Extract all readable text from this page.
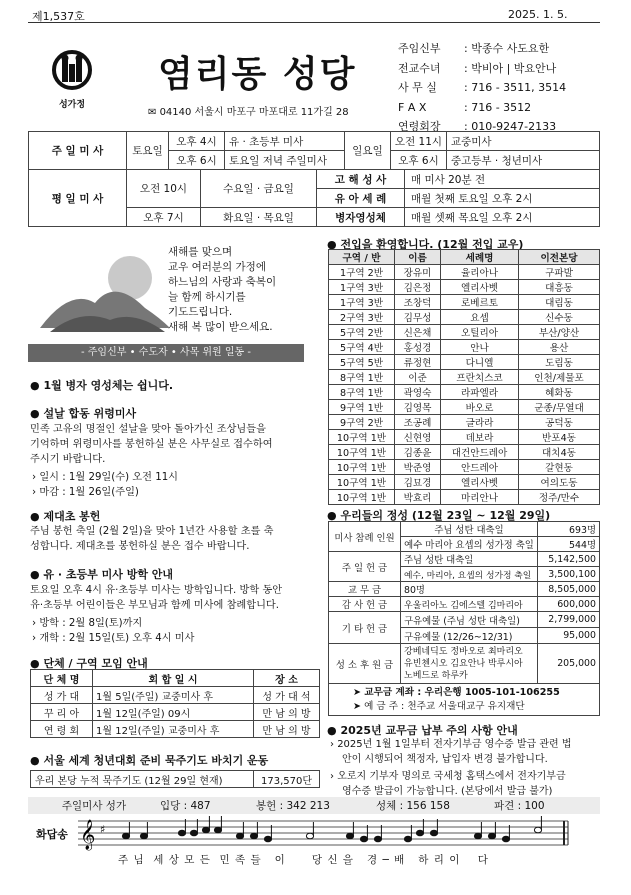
제1,537호	2025. 1. 5.
성가정
염리동 성당
✉ 04140 서울시 마포구 마포대로 11가길 28
주임신부 : 박종수 사도요한
전교수녀 : 박비아 | 박요안나
사 무 실 : 716 - 3511, 3514
F A X	: 716 - 3512
연령회장 : 010-9247-2133
주 일 미 사	토요일	오후 4시	유 · 초등부 미사	일요일	오전 11시	교중미사
		오후 6시	토요일 저녁 주일미사		오후 6시	중고등부 · 청년미사
평 일 미 사	오전 10시	수요일 · 금요일	고 해 성 사	매 미사 20분 전
			유 아 세 례	매월 첫째 토요일 오후 2시
	오후 7시	화요일 · 목요일	병자영성체	매월 셋째 목요일 오후 2시
새해를 맞으며
교우 여러분의 가정에
하느님의 사랑과 축복이
늘 함께 하시기를
기도드립니다.
새해 복 많이 받으세요.
- 주임신부 • 수도자 • 사목 위원 일동 -
● 1월 병자 영성체는 쉽니다.
● 설날 합동 위령미사

민족 고유의 명절인 설날을 맞아 돌아가신 조상님들을
기억하며 위령미사를 봉헌하실 분은 사무실로 접수하여
주시기 바랍니다.

› 일시 : 1월 29일(수) 오전 11시
› 마감 : 1월 26일(주일)
● 제대초 봉헌

주님 봉헌 축일 (2월 2일)을 맞아 1년간 사용할 초를 축
성합니다. 제대초를 봉헌하실 분은 접수 바랍니다.

● 유 · 초등부 미사 방학 안내

토요일 오후 4시 유·초등부 미사는 방학입니다. 방학 동안
유·초등부 어린이들은 부모님과 함께 미사에 참례합니다.

› 방학 : 2월 8일(토)까지
› 개학 : 2월 15일(토) 오후 4시 미사
● 단체 / 구역 모임 안내
단 체 명	회 합 일 시	장 소
성 가 대	1월 5일(주일) 교중미사 후	성 가 대 석
꾸 리 아	1월 12일(주일) 09시	만 남 의 방
연 령 회	1월 12일(주일) 교중미사 후	만 남 의 방
● 서울 세계 청년대회 준비 묵주기도 바치기 운동
우리 본당 누적 묵주기도 (12월 29일 현재)	173,570단
● 전입을 환영합니다. (12월 전입 교우)
구역 / 반	이름	세례명	이전본당
1구역 2반	장유미	율리아나	구파발
1구역 3반	김은정	엘리사벳	대흥동
1구역 3반	조창덕	로베르토	대림동
2구역 3반	김무성	요셉	신수동
5구역 2반	신은채	오틸리아	부산/양산
5구역 4반	홍성경	안나	용산
5구역 5반	류정현	다니엘	도림동
8구역 1반	이준	프란치스코	인천/제물포
8구역 1반	곽영숙	라파엘라	혜화동
9구역 1반	김영목	바오로	군종/무열대
9구역 2반	조공례	글라라	공덕동
10구역 1반	신현영	데보라	반포4동
10구역 1반	김종윤	대건안드레아	대치4동
10구역 1반	박준영	안드레아	갈현동
10구역 1반	김묘경	엘리사벳	여의도동
10구역 1반	박효리	마리안나	정주/만수
● 우리들의 정성 (12월 23일 ~ 12월 29일)
미사 참례 인원	주님 성탄 대축일	693명
	예수 마리아 요셉의 성가정 축일	544명
주 일 헌 금	주님 성탄 대축일	5,142,500
	예수, 마리아, 요셉의 성가정 축일	3,500,100
교 무 금	80명	8,505,000
감 사 헌 금	우울리아노 김에스텔 김마리아	600,000
기 타 헌 금	구유예물 (주님 성탄 대축일)	2,799,000
	구유예물 (12/26~12/31)	95,000
성 소 후 원 금	강베네딕도 정바오로 최마리오
유빈첸시오 김요안나 박루시아
노베드로 하루카	205,000

➤ 교무금 계좌 : 우리은행 1005-101-106255
➤ 예 금 주 : 천주교 서울대교구 유지재단		
● 2025년 교무금 납부 주의 사항 안내
› 2025년 1월 1일부터 전자기부금 영수증 발급 관련 법
안이 시행되어 책정자, 납입자 변경 불가합니다.
› 오로지 기부자 명의로 국세청 홈택스에서 전자기부금
영수증 발급이 가능합니다. (본당에서 발급 불가)
주일미사 성가	입당 : 487	봉헌 : 342 213	성체 : 156 158	파견 : 100
화답송 𝄞 ♯
주 님  세 상 모 든  민 족 들   이      당 신 을   경 ─ 배   하 리 이    다
